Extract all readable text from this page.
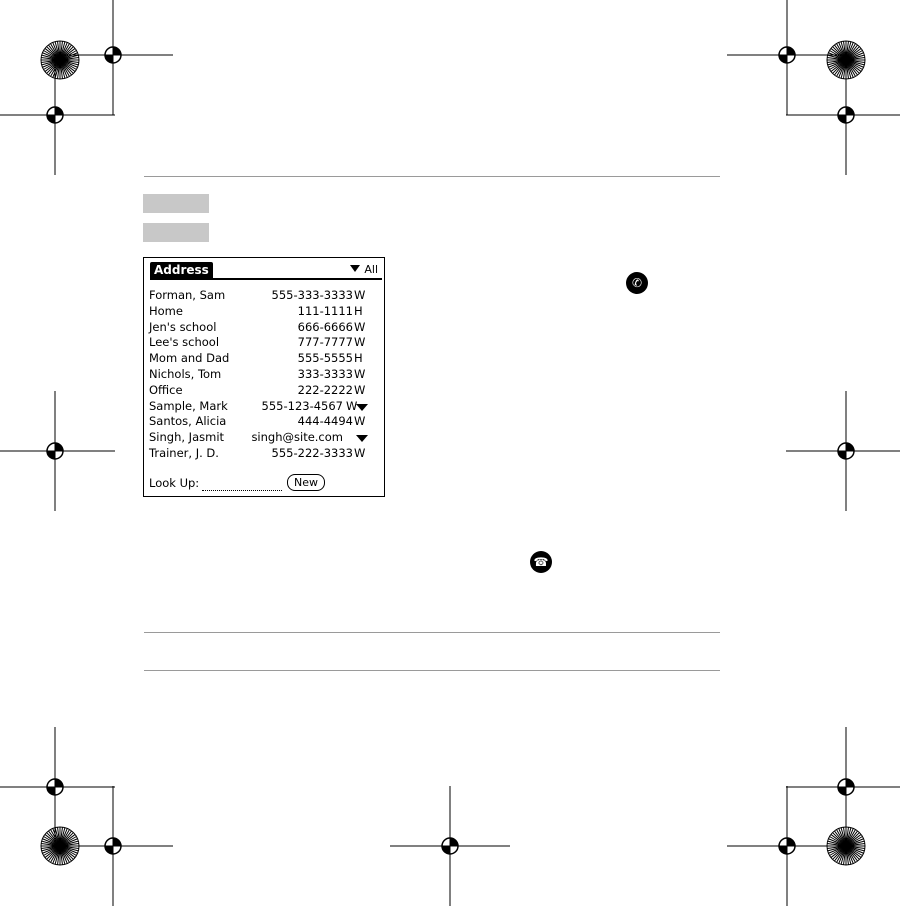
Address	All
Forman, Sam	555-333-3333 W
Home	111-1111 H
Jen's school	666-6666 W
Lee's school	777-7777 W
Mom and Dad	555-5555 H
Nichols, Tom	333-3333 W
Office	222-2222 W
Sample, Mark	555-123-4567 W
Santos, Alicia	444-4494 W
Singh, Jasmit singh@site.com
Trainer, J. D.	555-222-3333 W
Look Up:	New
✆
☎
